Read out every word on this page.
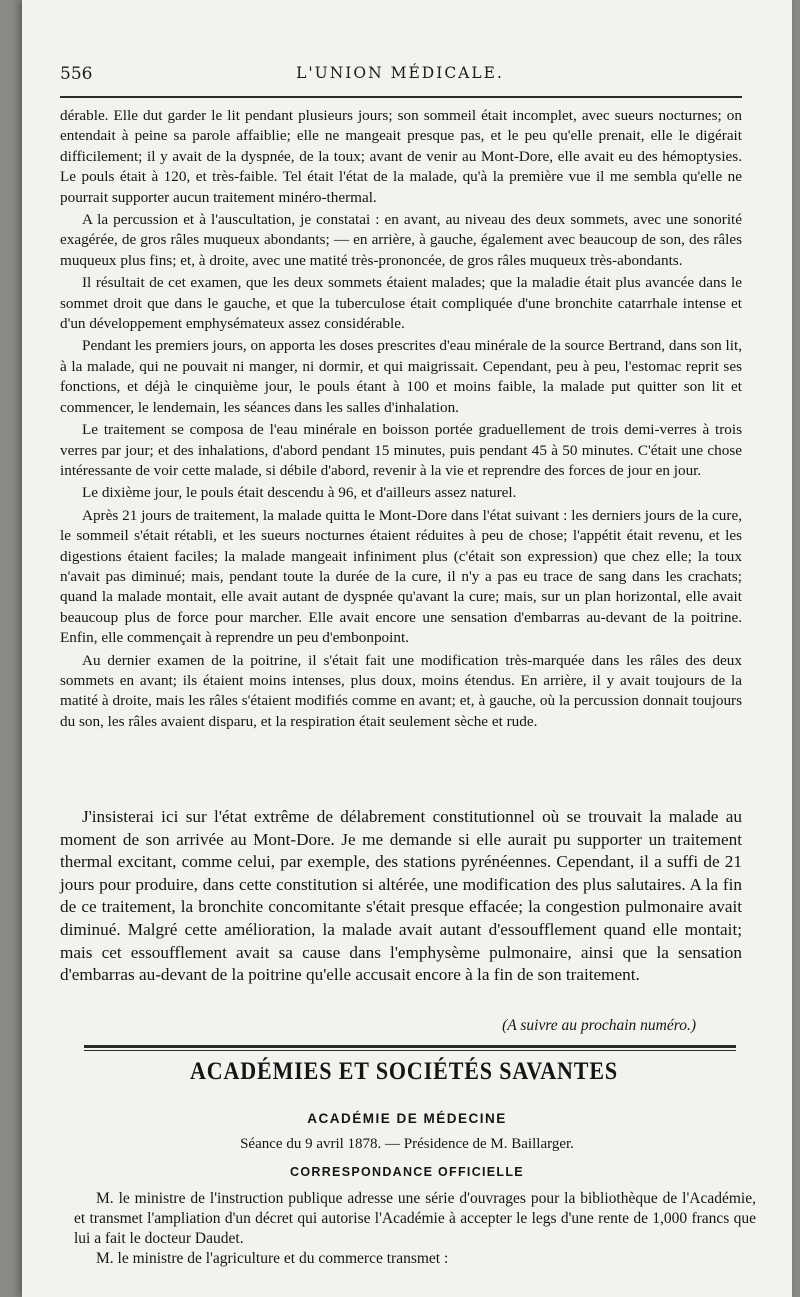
556	L'UNION MÉDICALE.

dérable. Elle dut garder le lit pendant plusieurs jours; son sommeil était incomplet, avec sueurs nocturnes; on entendait à peine sa parole affaiblie; elle ne mangeait presque pas, et le peu qu'elle prenait, elle le digérait difficilement; il y avait de la dyspnée, de la toux; avant de venir au Mont-Dore, elle avait eu des hémoptysies. Le pouls était à 120, et très-faible. Tel était l'état de la malade, qu'à la première vue il me sembla qu'elle ne pourrait supporter aucun traitement minéro-thermal.

A la percussion et à l'auscultation, je constatai : en avant, au niveau des deux sommets, avec une sonorité exagérée, de gros râles muqueux abondants; — en arrière, à gauche, également avec beaucoup de son, des râles muqueux plus fins; et, à droite, avec une matité très-prononcée, de gros râles muqueux très-abondants.

Il résultait de cet examen, que les deux sommets étaient malades; que la maladie était plus avancée dans le sommet droit que dans le gauche, et que la tuberculose était compliquée d'une bronchite catarrhale intense et d'un développement emphysémateux assez considérable.

Pendant les premiers jours, on apporta les doses prescrites d'eau minérale de la source Bertrand, dans son lit, à la malade, qui ne pouvait ni manger, ni dormir, et qui maigrissait. Cependant, peu à peu, l'estomac reprit ses fonctions, et déjà le cinquième jour, le pouls étant à 100 et moins faible, la malade put quitter son lit et commencer, le lendemain, les séances dans les salles d'inhalation.

Le traitement se composa de l'eau minérale en boisson portée graduellement de trois demi-verres à trois verres par jour; et des inhalations, d'abord pendant 15 minutes, puis pendant 45 à 50 minutes. C'était une chose intéressante de voir cette malade, si débile d'abord, revenir à la vie et reprendre des forces de jour en jour.

Le dixième jour, le pouls était descendu à 96, et d'ailleurs assez naturel.

Après 21 jours de traitement, la malade quitta le Mont-Dore dans l'état suivant : les derniers jours de la cure, le sommeil s'était rétabli, et les sueurs nocturnes étaient réduites à peu de chose; l'appétit était revenu, et les digestions étaient faciles; la malade mangeait infiniment plus (c'était son expression) que chez elle; la toux n'avait pas diminué; mais, pendant toute la durée de la cure, il n'y a pas eu trace de sang dans les crachats; quand la malade montait, elle avait autant de dyspnée qu'avant la cure; mais, sur un plan horizontal, elle avait beaucoup plus de force pour marcher. Elle avait encore une sensation d'embarras au-devant de la poitrine. Enfin, elle commençait à reprendre un peu d'embonpoint.

Au dernier examen de la poitrine, il s'était fait une modification très-marquée dans les râles des deux sommets en avant; ils étaient moins intenses, plus doux, moins étendus. En arrière, il y avait toujours de la matité à droite, mais les râles s'étaient modifiés comme en avant; et, à gauche, où la percussion donnait toujours du son, les râles avaient disparu, et la respiration était seulement sèche et rude.

J'insisterai ici sur l'état extrême de délabrement constitutionnel où se trouvait la malade au moment de son arrivée au Mont-Dore. Je me demande si elle aurait pu supporter un traitement thermal excitant, comme celui, par exemple, des stations pyrénéennes. Cependant, il a suffi de 21 jours pour produire, dans cette constitution si altérée, une modification des plus salutaires. A la fin de ce traitement, la bronchite concomitante s'était presque effacée; la congestion pulmonaire avait diminué. Malgré cette amélioration, la malade avait autant d'essoufflement quand elle montait; mais cet essoufflement avait sa cause dans l'emphysème pulmonaire, ainsi que la sensation d'embarras au-devant de la poitrine qu'elle accusait encore à la fin de son traitement.

(A suivre au prochain numéro.)
ACADÉMIES ET SOCIÉTÉS SAVANTES
ACADÉMIE DE MÉDECINE
Séance du 9 avril 1878. — Présidence de M. Baillarger.
CORRESPONDANCE OFFICIELLE

M. le ministre de l'instruction publique adresse une série d'ouvrages pour la bibliothèque de l'Académie, et transmet l'ampliation d'un décret qui autorise l'Académie à accepter le legs d'une rente de 1,000 francs que lui a fait le docteur Daudet.

M. le ministre de l'agriculture et du commerce transmet :
